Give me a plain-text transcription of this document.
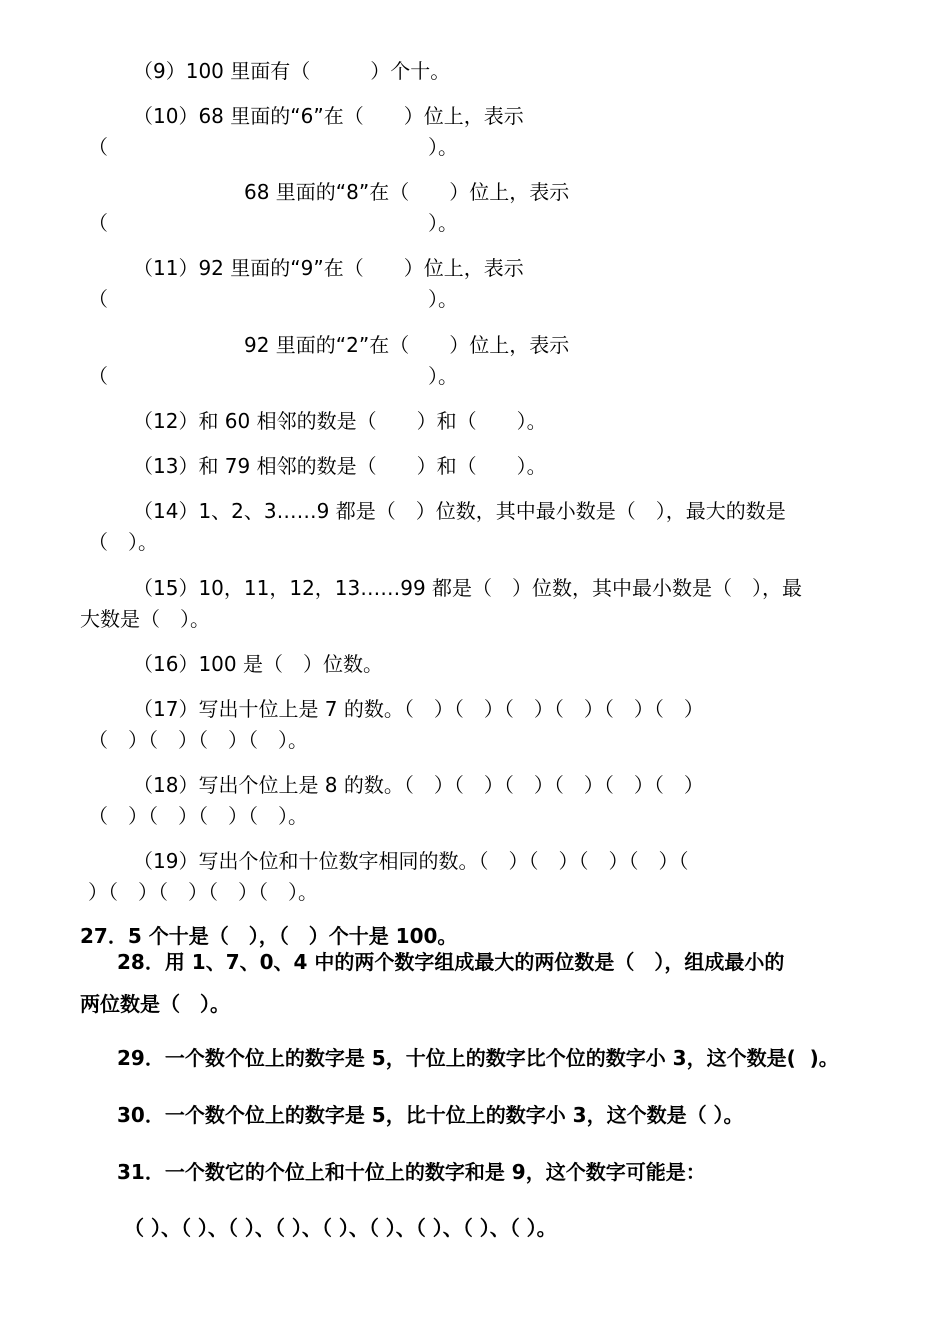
（9）100 里面有（　　　）个十。
（10）68 里面的“6”在（　　）位上，表示
（　　　　　　　　　　　　　　　　）。
68 里面的“8”在（　　）位上，表示
（　　　　　　　　　　　　　　　　）。
（11）92 里面的“9”在（　　）位上，表示
（　　　　　　　　　　　　　　　　）。
92 里面的“2”在（　　）位上，表示
（　　　　　　　　　　　　　　　　）。
（12）和 60 相邻的数是（　　）和（　　）。
（13）和 79 相邻的数是（　　）和（　　）。
（14）1、2、3……9 都是（　）位数，其中最小数是（　），最大的数是
（　）。
（15）10，11，12，13……99 都是（　）位数，其中最小数是（　），最
大数是（　）。
（16）100 是（　）位数。
（17）写出十位上是 7 的数。（　）（　）（　）（　）（　）（　）
（　）（　）（　）（　）。
（18）写出个位上是 8 的数。（　）（　）（　）（　）（　）（　）
（　）（　）（　）（　）。
（19）写出个位和十位数字相同的数。（　）（　）（　）（　）（
）（　）（　）（　）（　）。
27．5 个十是（　），（　）个十是 100。
28．用 1、7、0、4 中的两个数字组成最大的两位数是（　），组成最小的
两位数是（　）。
29．一个数个位上的数字是 5，十位上的数字比个位的数字小 3，这个数是(  )。
30．一个数个位上的数字是 5，比十位上的数字小 3，这个数是（ ）。
31．一个数它的个位上和十位上的数字和是 9，这个数字可能是：
（ ）、（ ）、（ ）、（ ）、（ ）、（ ）、（ ）、（ ）、（ ）。
